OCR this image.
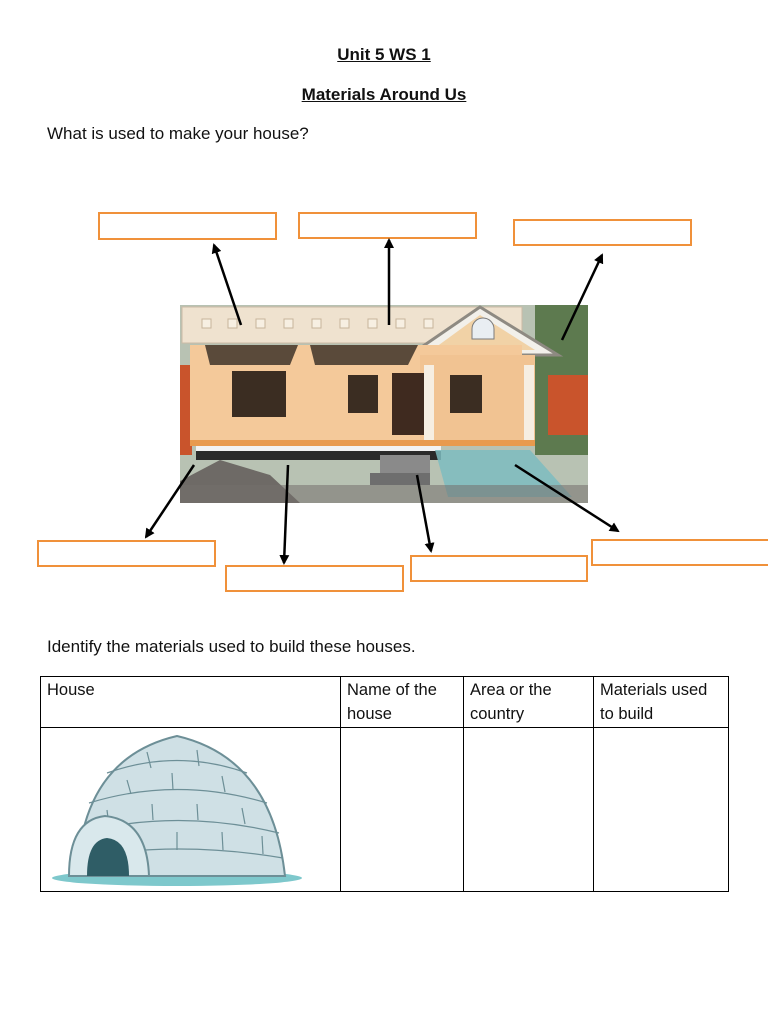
Unit 5 WS 1
Materials Around Us
What is used to make your house?
Identify the materials used to build these houses.
House	Name of the house	Area or the country	Materials used to build
